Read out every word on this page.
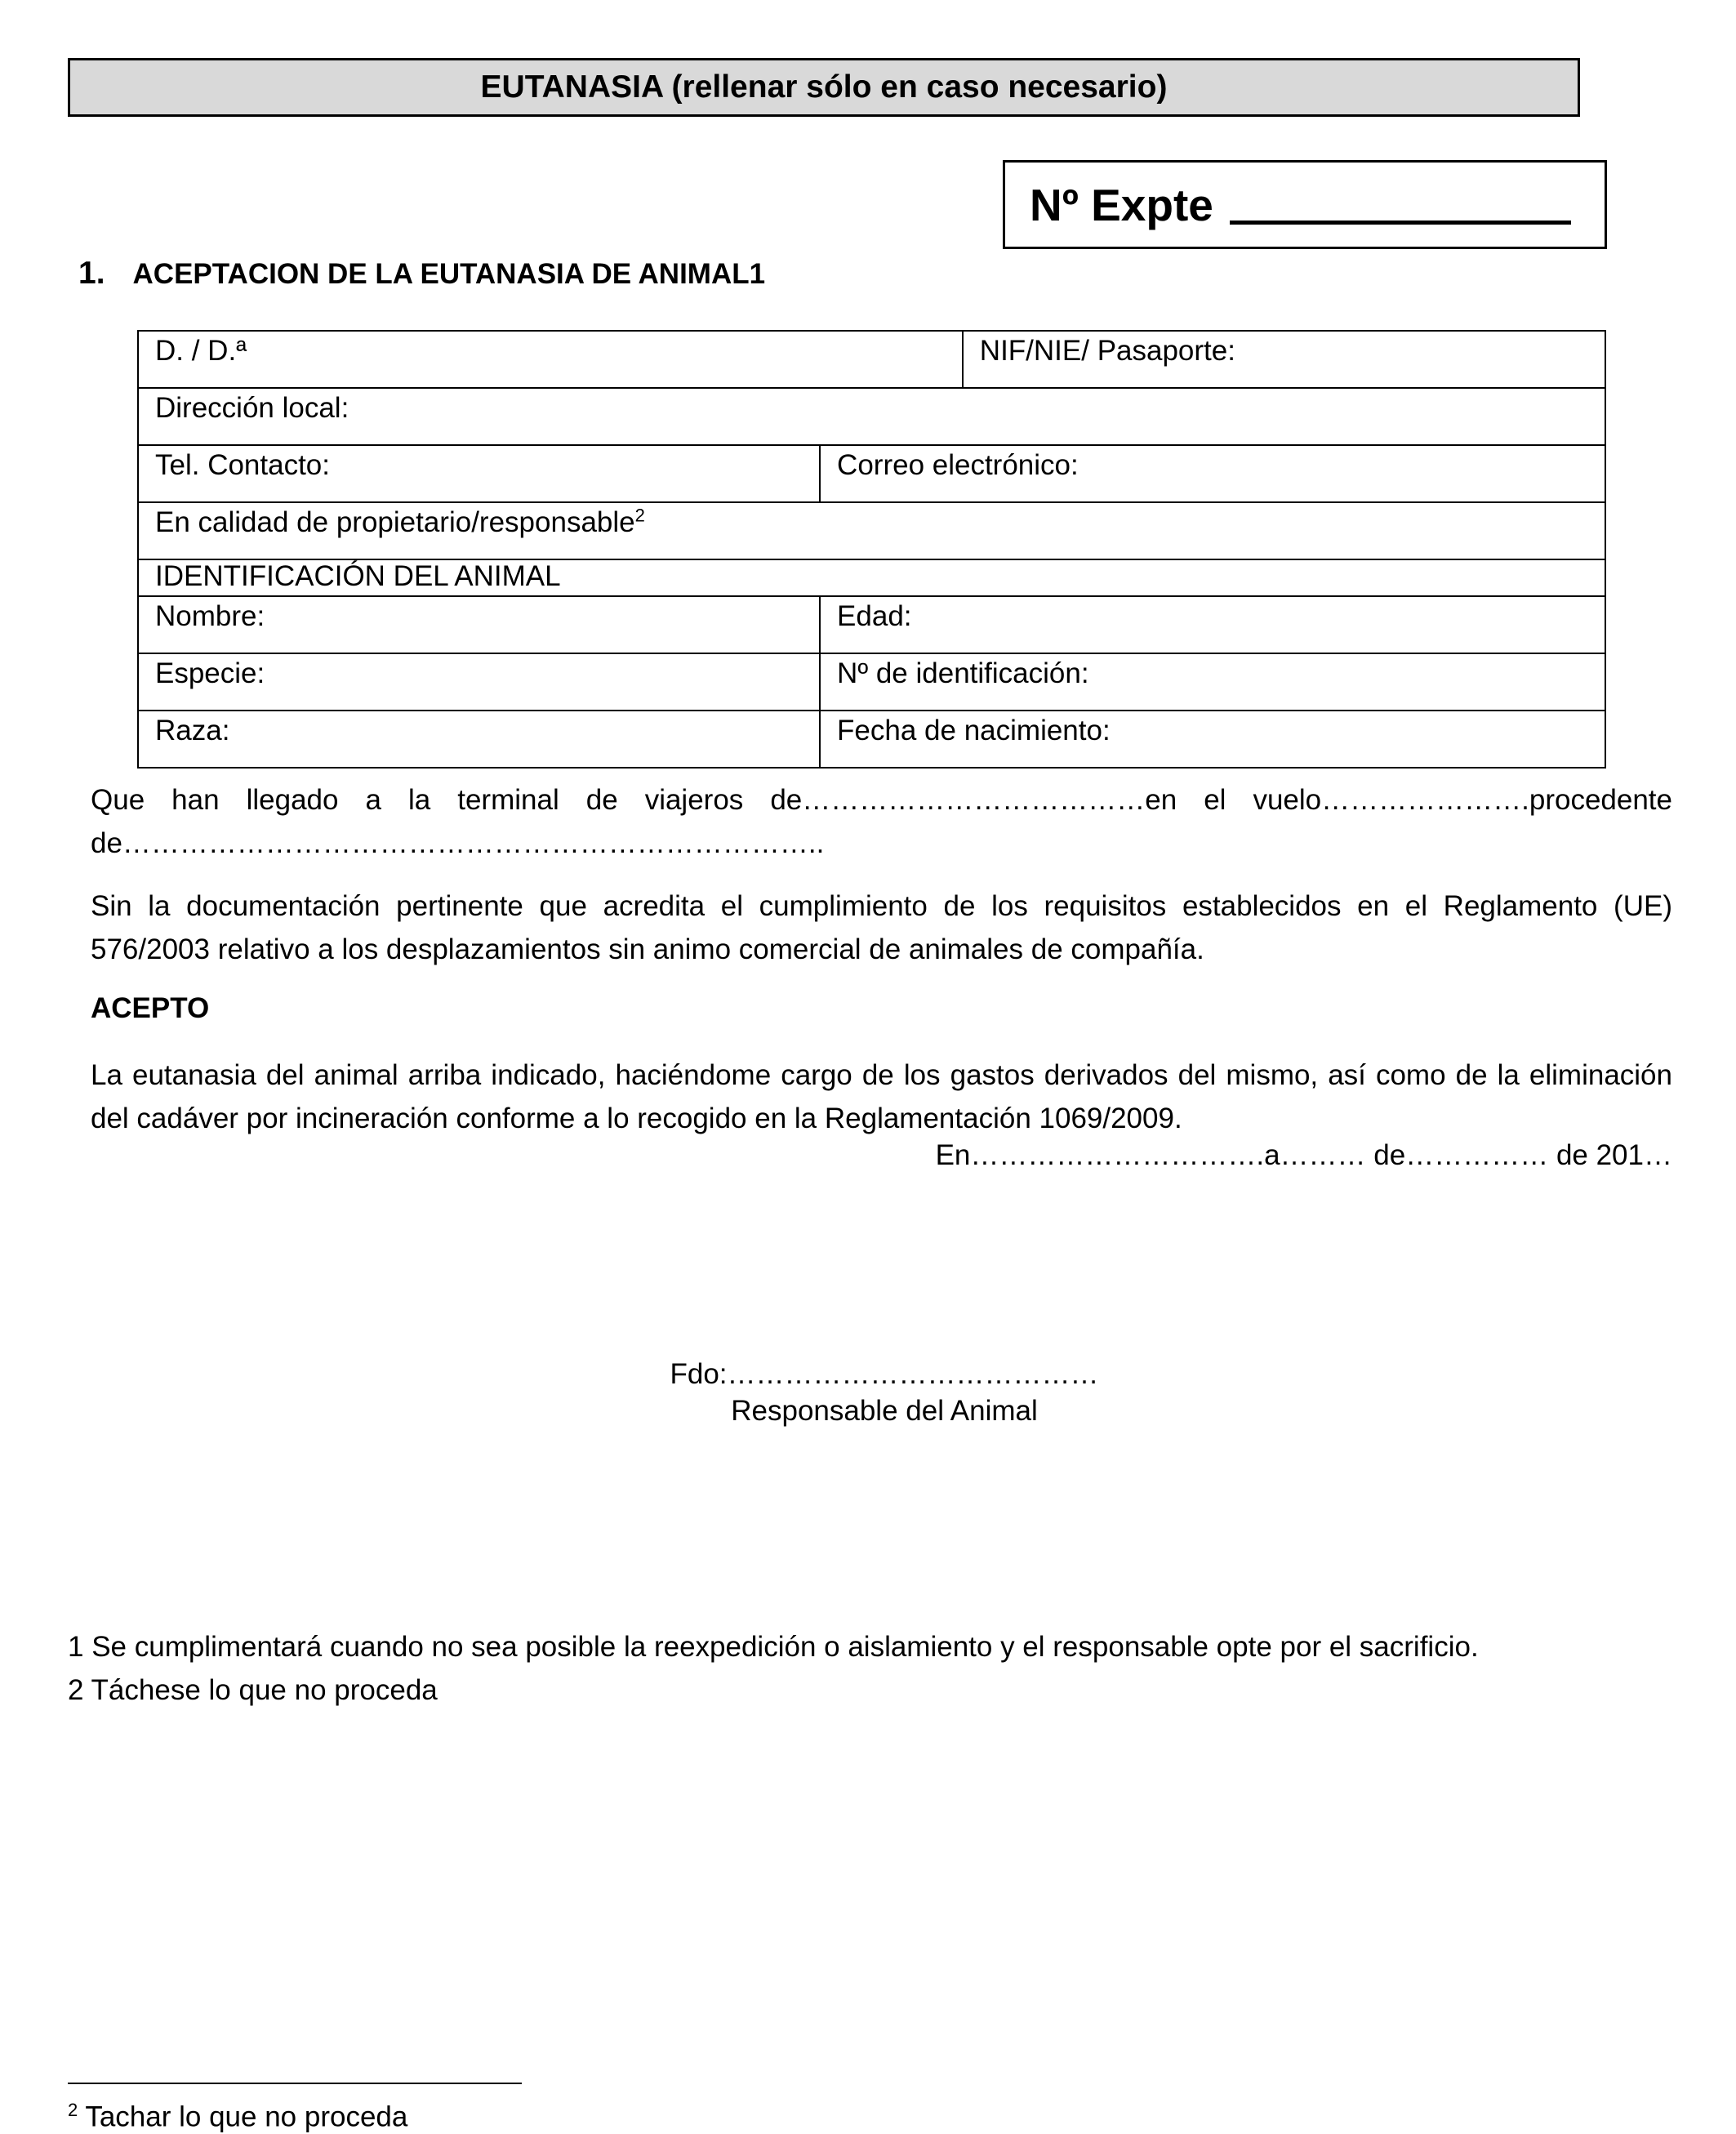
EUTANASIA (rellenar sólo en caso necesario)
Nº Expte
1. ACEPTACION DE LA EUTANASIA DE ANIMAL1
D. / D.ª		NIF/NIE/ Pasaporte:
Dirección local:		
Tel. Contacto:	Correo electrónico:	
En calidad de propietario/responsable$^2$
IDENTIFICACIÓN DEL ANIMAL		
Nombre:	Edad:	
Especie:	Nº de identificación:	
Raza:	Fecha de nacimiento:	
Que han llegado a la terminal de viajeros de………………………………en el vuelo………………….procedente
de………………………………………………………………..
Sin la documentación pertinente que acredita el cumplimiento de los requisitos establecidos en el Reglamento (UE) 576/2003 relativo a los desplazamientos sin animo comercial de animales de compañía.
ACEPTO
La eutanasia del animal arriba indicado, haciéndome cargo de los gastos derivados del mismo, así como de la eliminación del cadáver por incineración conforme a lo recogido en la Reglamentación 1069/2009.
En………………………….a……… de…………… de 201…
Fdo:…………………………………
Responsable del Animal
1 Se cumplimentará cuando no sea posible la reexpedición o aislamiento y el responsable opte por el sacrificio.
2 Táchese lo que no proceda
$^2$ Tachar lo que no proceda
